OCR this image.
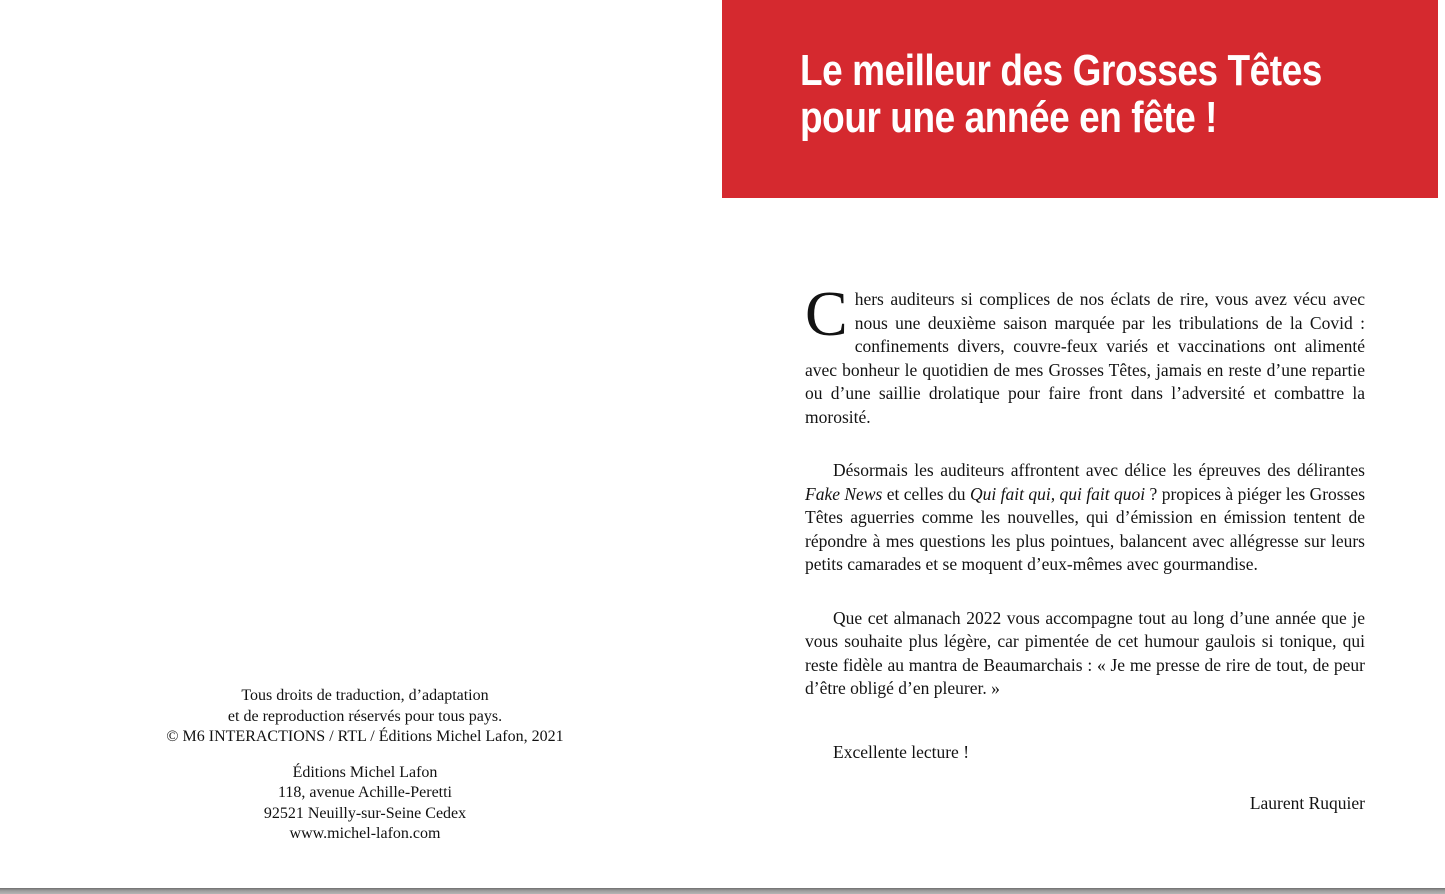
Tous droits de traduction, d’adaptation
et de reproduction réservés pour tous pays.
© M6 INTERACTIONS / RTL / Éditions Michel Lafon, 2021
Éditions Michel Lafon
118, avenue Achille-Peretti
92521 Neuilly-sur-Seine Cedex
www.michel-lafon.com
Le meilleur des Grosses Têtes
pour une année en fête !

Chers auditeurs si complices de nos éclats de rire, vous avez vécu avec nous une deuxième saison marquée par les tribulations de la Covid : confinements divers, couvre-feux variés et vaccinations ont alimenté avec bonheur le quotidien de mes Grosses Têtes, jamais en reste d’une repartie ou d’une saillie drolatique pour faire front dans l’adversité et combattre la morosité.

Désormais les auditeurs affrontent avec délice les épreuves des délirantes Fake News et celles du Qui fait qui, qui fait quoi ? propices à piéger les Grosses Têtes aguerries comme les nouvelles, qui d’émission en émission tentent de répondre à mes questions les plus pointues, balancent avec allégresse sur leurs petits camarades et se moquent d’eux-mêmes avec gourmandise.

Que cet almanach 2022 vous accompagne tout au long d’une année que je vous souhaite plus légère, car pimentée de cet humour gaulois si tonique, qui reste fidèle au mantra de Beaumarchais : « Je me presse de rire de tout, de peur d’être obligé d’en pleurer. »

Excellente lecture !

Laurent Ruquier
